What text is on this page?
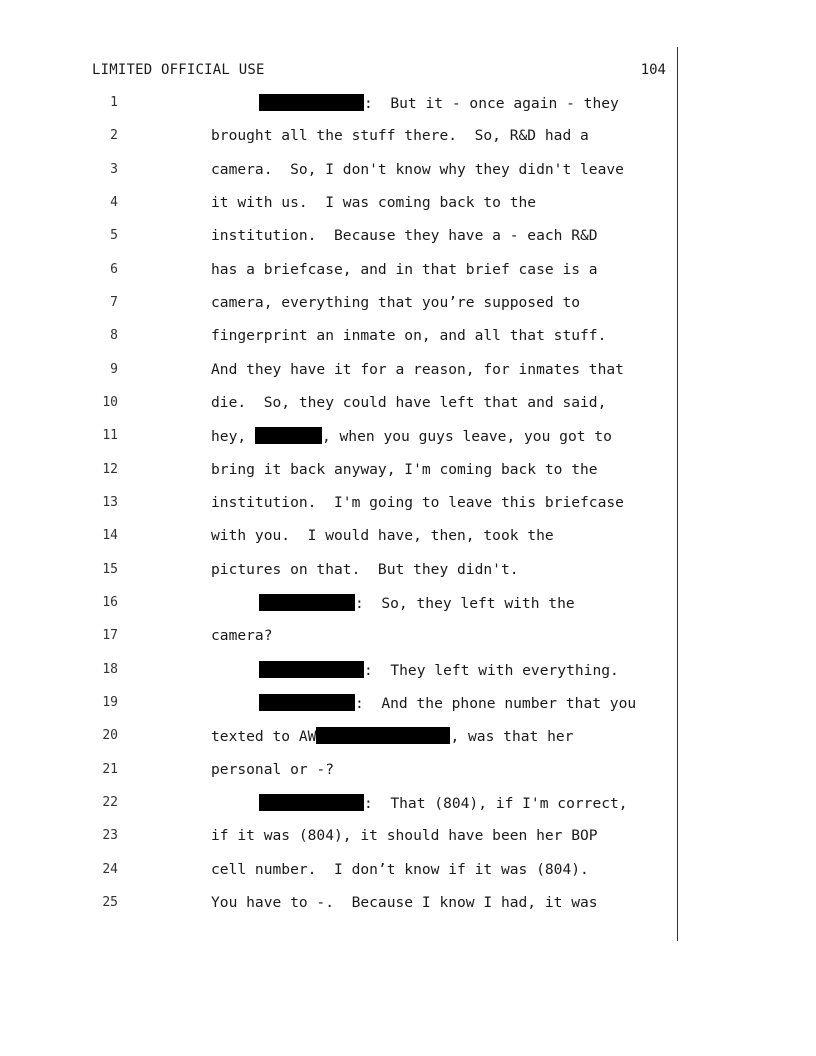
LIMITED OFFICIAL USE	104
1	:  But it - once again - they
2	brought all the stuff there.  So, R&D had a
3	camera.  So, I don't know why they didn't leave
4	it with us.  I was coming back to the
5	institution.  Because they have a - each R&D
6	has a briefcase, and in that brief case is a
7	camera, everything that you’re supposed to
8	fingerprint an inmate on, and all that stuff.
9	And they have it for a reason, for inmates that
10	die.  So, they could have left that and said,
11	hey,	, when you guys leave, you got to
12	bring it back anyway, I'm coming back to the
13	institution.  I'm going to leave this briefcase
14	with you.  I would have, then, took the
15	pictures on that.  But they didn't.
16	:  So, they left with the
17	camera?
18	:  They left with everything.
19	:  And the phone number that you
20	texted to AW	, was that her
21	personal or -?
22	:  That (804), if I'm correct,
23	if it was (804), it should have been her BOP
24	cell number.  I don’t know if it was (804).
25	You have to -.  Because I know I had, it was
